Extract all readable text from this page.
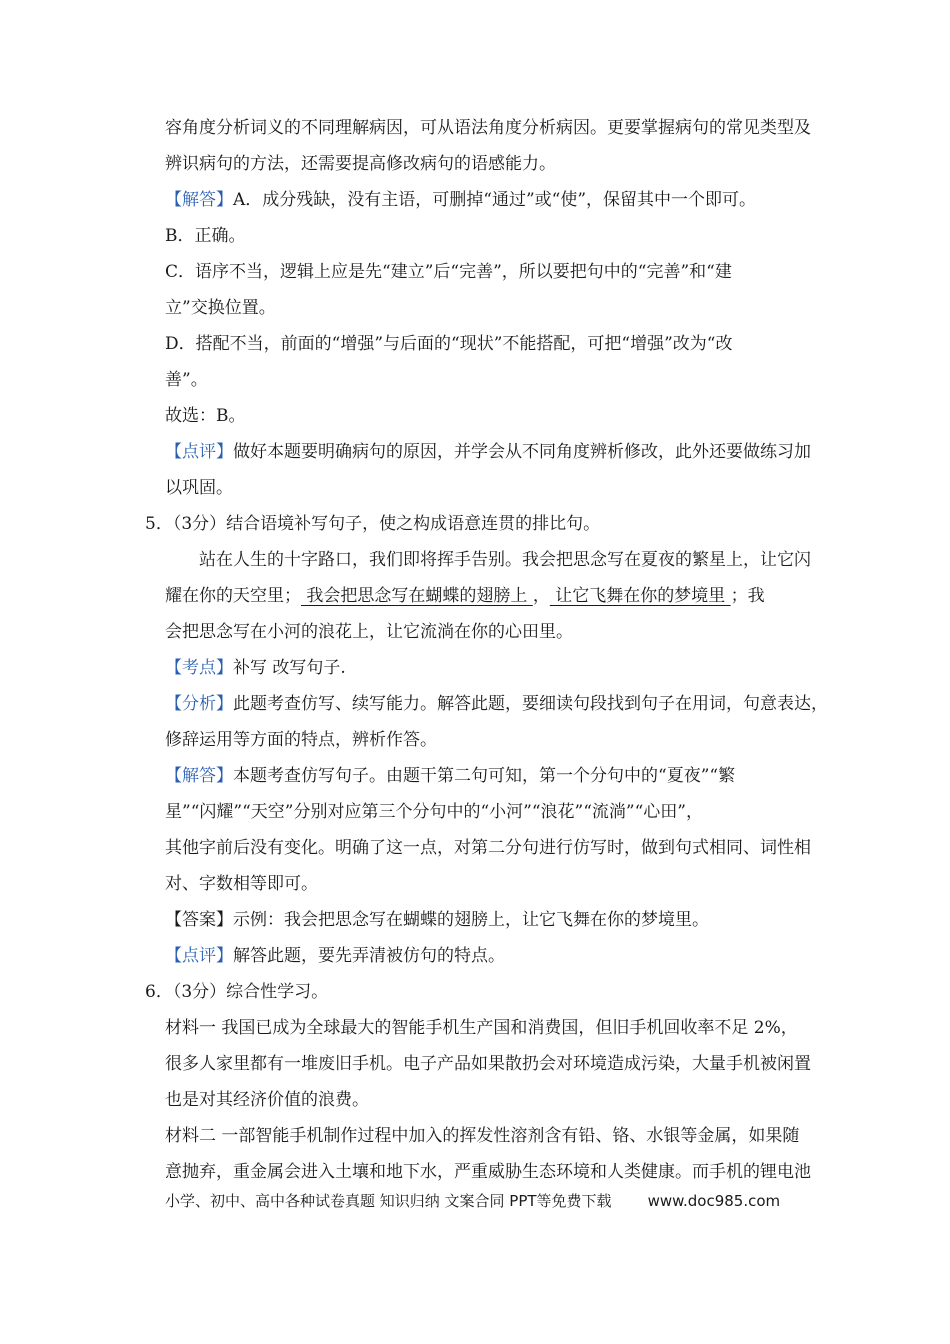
容角度分析词义的不同理解病因，可从语法角度分析病因。更要掌握病句的常见类型及
辨识病句的方法，还需要提高修改病句的语感能力。
【解答】A．成分残缺，没有主语，可删掉“通过”或“使”，保留其中一个即可。
B．正确。
C．语序不当，逻辑上应是先“建立”后“完善”，所以要把句中的“完善”和“建
立”交换位置。
D．搭配不当，前面的“增强”与后面的“现状”不能搭配，可把“增强”改为“改
善”。
故选：B。
【点评】做好本题要明确病句的原因，并学会从不同角度辨析修改，此外还要做练习加
以巩固。
5．（3分）结合语境补写句子，使之构成语意连贯的排比句。
站在人生的十字路口，我们即将挥手告别。我会把思念写在夏夜的繁星上，让它闪
耀在你的天空里； 我会把思念写在蝴蝶的翅膀上 ， 让它飞舞在你的梦境里 ；我
会把思念写在小河的浪花上，让它流淌在你的心田里。
【考点】补写 改写句子.
【分析】此题考查仿写、续写能力。解答此题，要细读句段找到句子在用词，句意表达，
修辞运用等方面的特点，辨析作答。
【解答】本题考查仿写句子。由题干第二句可知，第一个分句中的“夏夜”“繁
星”“闪耀”“天空”分别对应第三个分句中的“小河”“浪花”“流淌”“心田”，
其他字前后没有变化。明确了这一点，对第二分句进行仿写时，做到句式相同、词性相
对、字数相等即可。
【答案】示例：我会把思念写在蝴蝶的翅膀上，让它飞舞在你的梦境里。
【点评】解答此题，要先弄清被仿句的特点。
6．（3分）综合性学习。
材料一 我国已成为全球最大的智能手机生产国和消费国，但旧手机回收率不足 2%，
很多人家里都有一堆废旧手机。电子产品如果散扔会对环境造成污染，大量手机被闲置
也是对其经济价值的浪费。
材料二 一部智能手机制作过程中加入的挥发性溶剂含有铅、铬、水银等金属，如果随
意抛弃，重金属会进入土壤和地下水，严重威胁生态环境和人类健康。而手机的锂电池
小学、初中、高中各种试卷真题 知识归纳 文案合同 PPT等免费下载 www.doc985.com
